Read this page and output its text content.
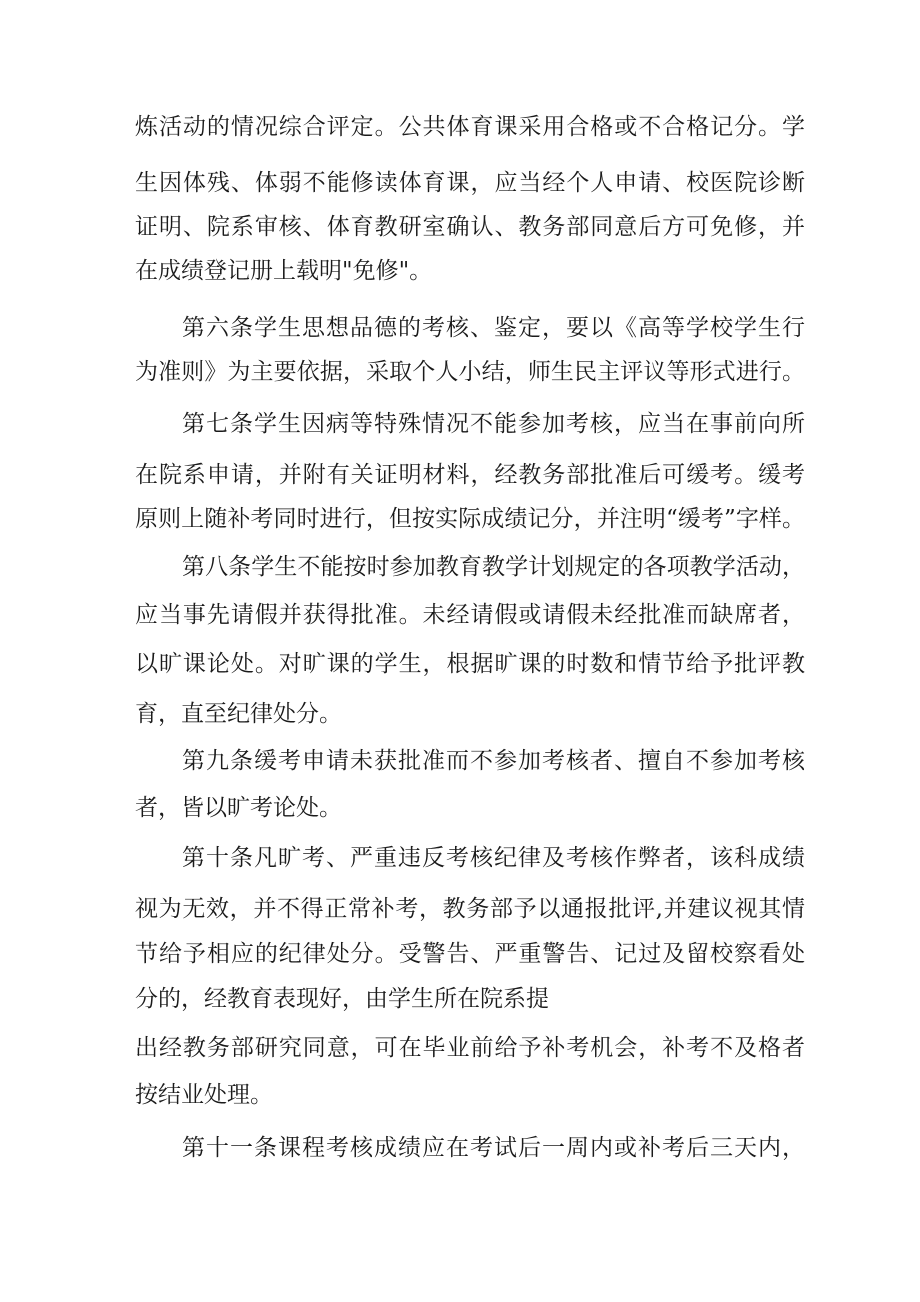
炼活动的情况综合评定。公共体育课采用合格或不合格记分。学
生因体残、体弱不能修读体育课，应当经个人申请、校医院诊断
证明、院系审核、体育教研室确认、教务部同意后方可免修，并
在成绩登记册上载明"免修"。
第六条学生思想品德的考核、鉴定，要以《高等学校学生行
为准则》为主要依据，采取个人小结，师生民主评议等形式进行。
第七条学生因病等特殊情况不能参加考核，应当在事前向所
在院系申请，并附有关证明材料，经教务部批准后可缓考。缓考
原则上随补考同时进行，但按实际成绩记分，并注明“缓考”字样。
第八条学生不能按时参加教育教学计划规定的各项教学活动，
应当事先请假并获得批准。未经请假或请假未经批准而缺席者，
以旷课论处。对旷课的学生，根据旷课的时数和情节给予批评教
育，直至纪律处分。
第九条缓考申请未获批准而不参加考核者、擅自不参加考核
者，皆以旷考论处。
第十条凡旷考、严重违反考核纪律及考核作弊者，该科成绩
视为无效，并不得正常补考，教务部予以通报批评,并建议视其情
节给予相应的纪律处分。受警告、严重警告、记过及留校察看处
分的，经教育表现好，由学生所在院系提
出经教务部研究同意，可在毕业前给予补考机会，补考不及格者
按结业处理。
第十一条课程考核成绩应在考试后一周内或补考后三天内，
